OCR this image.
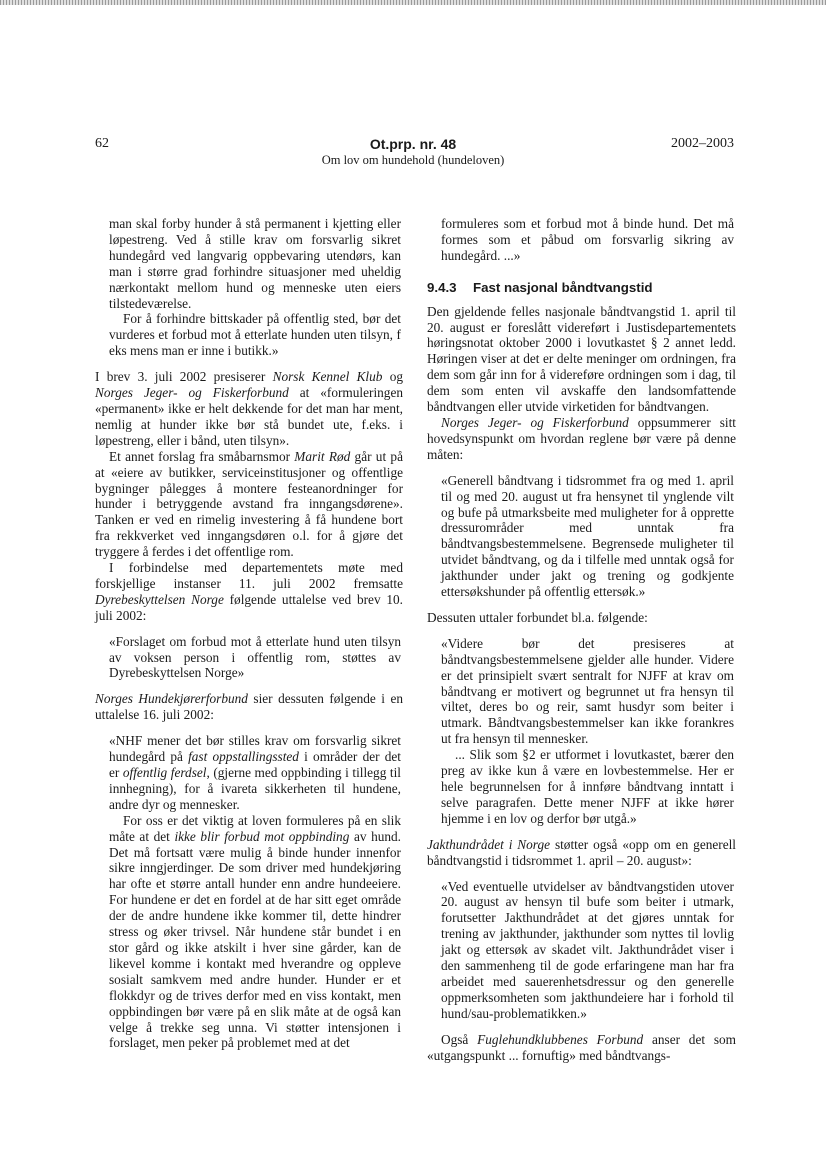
62	Ot.prp. nr. 48
Om lov om hundehold (hundeloven)
2002–2003

man skal forby hunder å stå permanent i kjetting eller løpestreng. Ved å stille krav om forsvarlig sikret hundegård ved langvarig oppbevaring utendørs, kan man i større grad forhindre situasjoner med uheldig nærkontakt mellom hund og menneske uten eiers tilstedeværelse.

For å forhindre bittskader på offentlig sted, bør det vurderes et forbud mot å etterlate hunden uten tilsyn, f eks mens man er inne i butikk.»

I brev 3. juli 2002 presiserer Norsk Kennel Klub og Norges Jeger- og Fiskerforbund at «formuleringen «permanent» ikke er helt dekkende for det man har ment, nemlig at hunder ikke bør stå bundet ute, f.eks. i løpestreng, eller i bånd, uten tilsyn».

Et annet forslag fra småbarnsmor Marit Rød går ut på at «eiere av butikker, serviceinstitusjoner og offentlige bygninger pålegges å montere festeanordninger for hunder i betryggende avstand fra inngangsdørene». Tanken er ved en rimelig investering å få hundene bort fra rekkverket ved inngangsdøren o.l. for å gjøre det tryggere å ferdes i det offentlige rom.

I forbindelse med departementets møte med forskjellige instanser 11. juli 2002 fremsatte Dyrebeskyttelsen Norge følgende uttalelse ved brev 10. juli 2002:

«Forslaget om forbud mot å etterlate hund uten tilsyn av voksen person i offentlig rom, støttes av Dyrebeskyttelsen Norge»

Norges Hundekjørerforbund sier dessuten følgende i en uttalelse 16. juli 2002:

«NHF mener det bør stilles krav om forsvarlig sikret hundegård på fast oppstallingssted i områder der det er offentlig ferdsel, (gjerne med oppbinding i tillegg til innhegning), for å ivareta sikkerheten til hundene, andre dyr og mennesker.

For oss er det viktig at loven formuleres på en slik måte at det ikke blir forbud mot oppbinding av hund. Det må fortsatt være mulig å binde hunder innenfor sikre inngjerdinger. De som driver med hundekjøring har ofte et større antall hunder enn andre hundeeiere. For hundene er det en fordel at de har sitt eget område der de andre hundene ikke kommer til, dette hindrer stress og øker trivsel. Når hundene står bundet i en stor gård og ikke atskilt i hver sine gårder, kan de likevel komme i kontakt med hverandre og oppleve sosialt samkvem med andre hunder. Hunder er et flokkdyr og de trives derfor med en viss kontakt, men oppbindingen bør være på en slik måte at de også kan velge å trekke seg unna. Vi støtter intensjonen i forslaget, men peker på problemet med at det

formuleres som et forbud mot å binde hund. Det må formes som et påbud om forsvarlig sikring av hundegård. ...»

9.4.3 Fast nasjonal båndtvangstid

Den gjeldende felles nasjonale båndtvangstid 1. april til 20. august er foreslått videreført i Justisdepartementets høringsnotat oktober 2000 i lovutkastet § 2 annet ledd. Høringen viser at det er delte meninger om ordningen, fra dem som går inn for å videreføre ordningen som i dag, til dem som enten vil avskaffe den landsomfattende båndtvangen eller utvide virketiden for båndtvangen.

Norges Jeger- og Fiskerforbund oppsummerer sitt hovedsynspunkt om hvordan reglene bør være på denne måten:

«Generell båndtvang i tidsrommet fra og med 1. april til og med 20. august ut fra hensynet til ynglende vilt og bufe på utmarksbeite med muligheter for å opprette dressurområder med unntak fra båndtvangsbestemmelsene. Begrensede muligheter til utvidet båndtvang, og da i tilfelle med unntak også for jakthunder under jakt og trening og godkjente ettersøkshunder på offentlig ettersøk.»

Dessuten uttaler forbundet bl.a. følgende:

«Videre bør det presiseres at båndtvangsbestemmelsene gjelder alle hunder. Videre er det prinsipielt svært sentralt for NJFF at krav om båndtvang er motivert og begrunnet ut fra hensyn til viltet, deres bo og reir, samt husdyr som beiter i utmark. Båndtvangsbestemmelser kan ikke forankres ut fra hensyn til mennesker.

... Slik som §2 er utformet i lovutkastet, bærer den preg av ikke kun å være en lovbestemmelse. Her er hele begrunnelsen for å innføre båndtvang inntatt i selve paragrafen. Dette mener NJFF at ikke hører hjemme i en lov og derfor bør utgå.»

Jakthundrådet i Norge støtter også «opp om en generell båndtvangstid i tidsrommet 1. april – 20. august»:

«Ved eventuelle utvidelser av båndtvangstiden utover 20. august av hensyn til bufe som beiter i utmark, forutsetter Jakthundrådet at det gjøres unntak for trening av jakthunder, jakthunder som nyttes til lovlig jakt og ettersøk av skadet vilt. Jakthundrådet viser i den sammenheng til de gode erfaringene man har fra arbeidet med sauerenhetsdressur og den generelle oppmerksomheten som jakthundeiere har i forhold til hund/sau-problematikken.»

Også Fuglehundklubbenes Forbund anser det som «utgangspunkt ... fornuftig» med båndtvangs-
